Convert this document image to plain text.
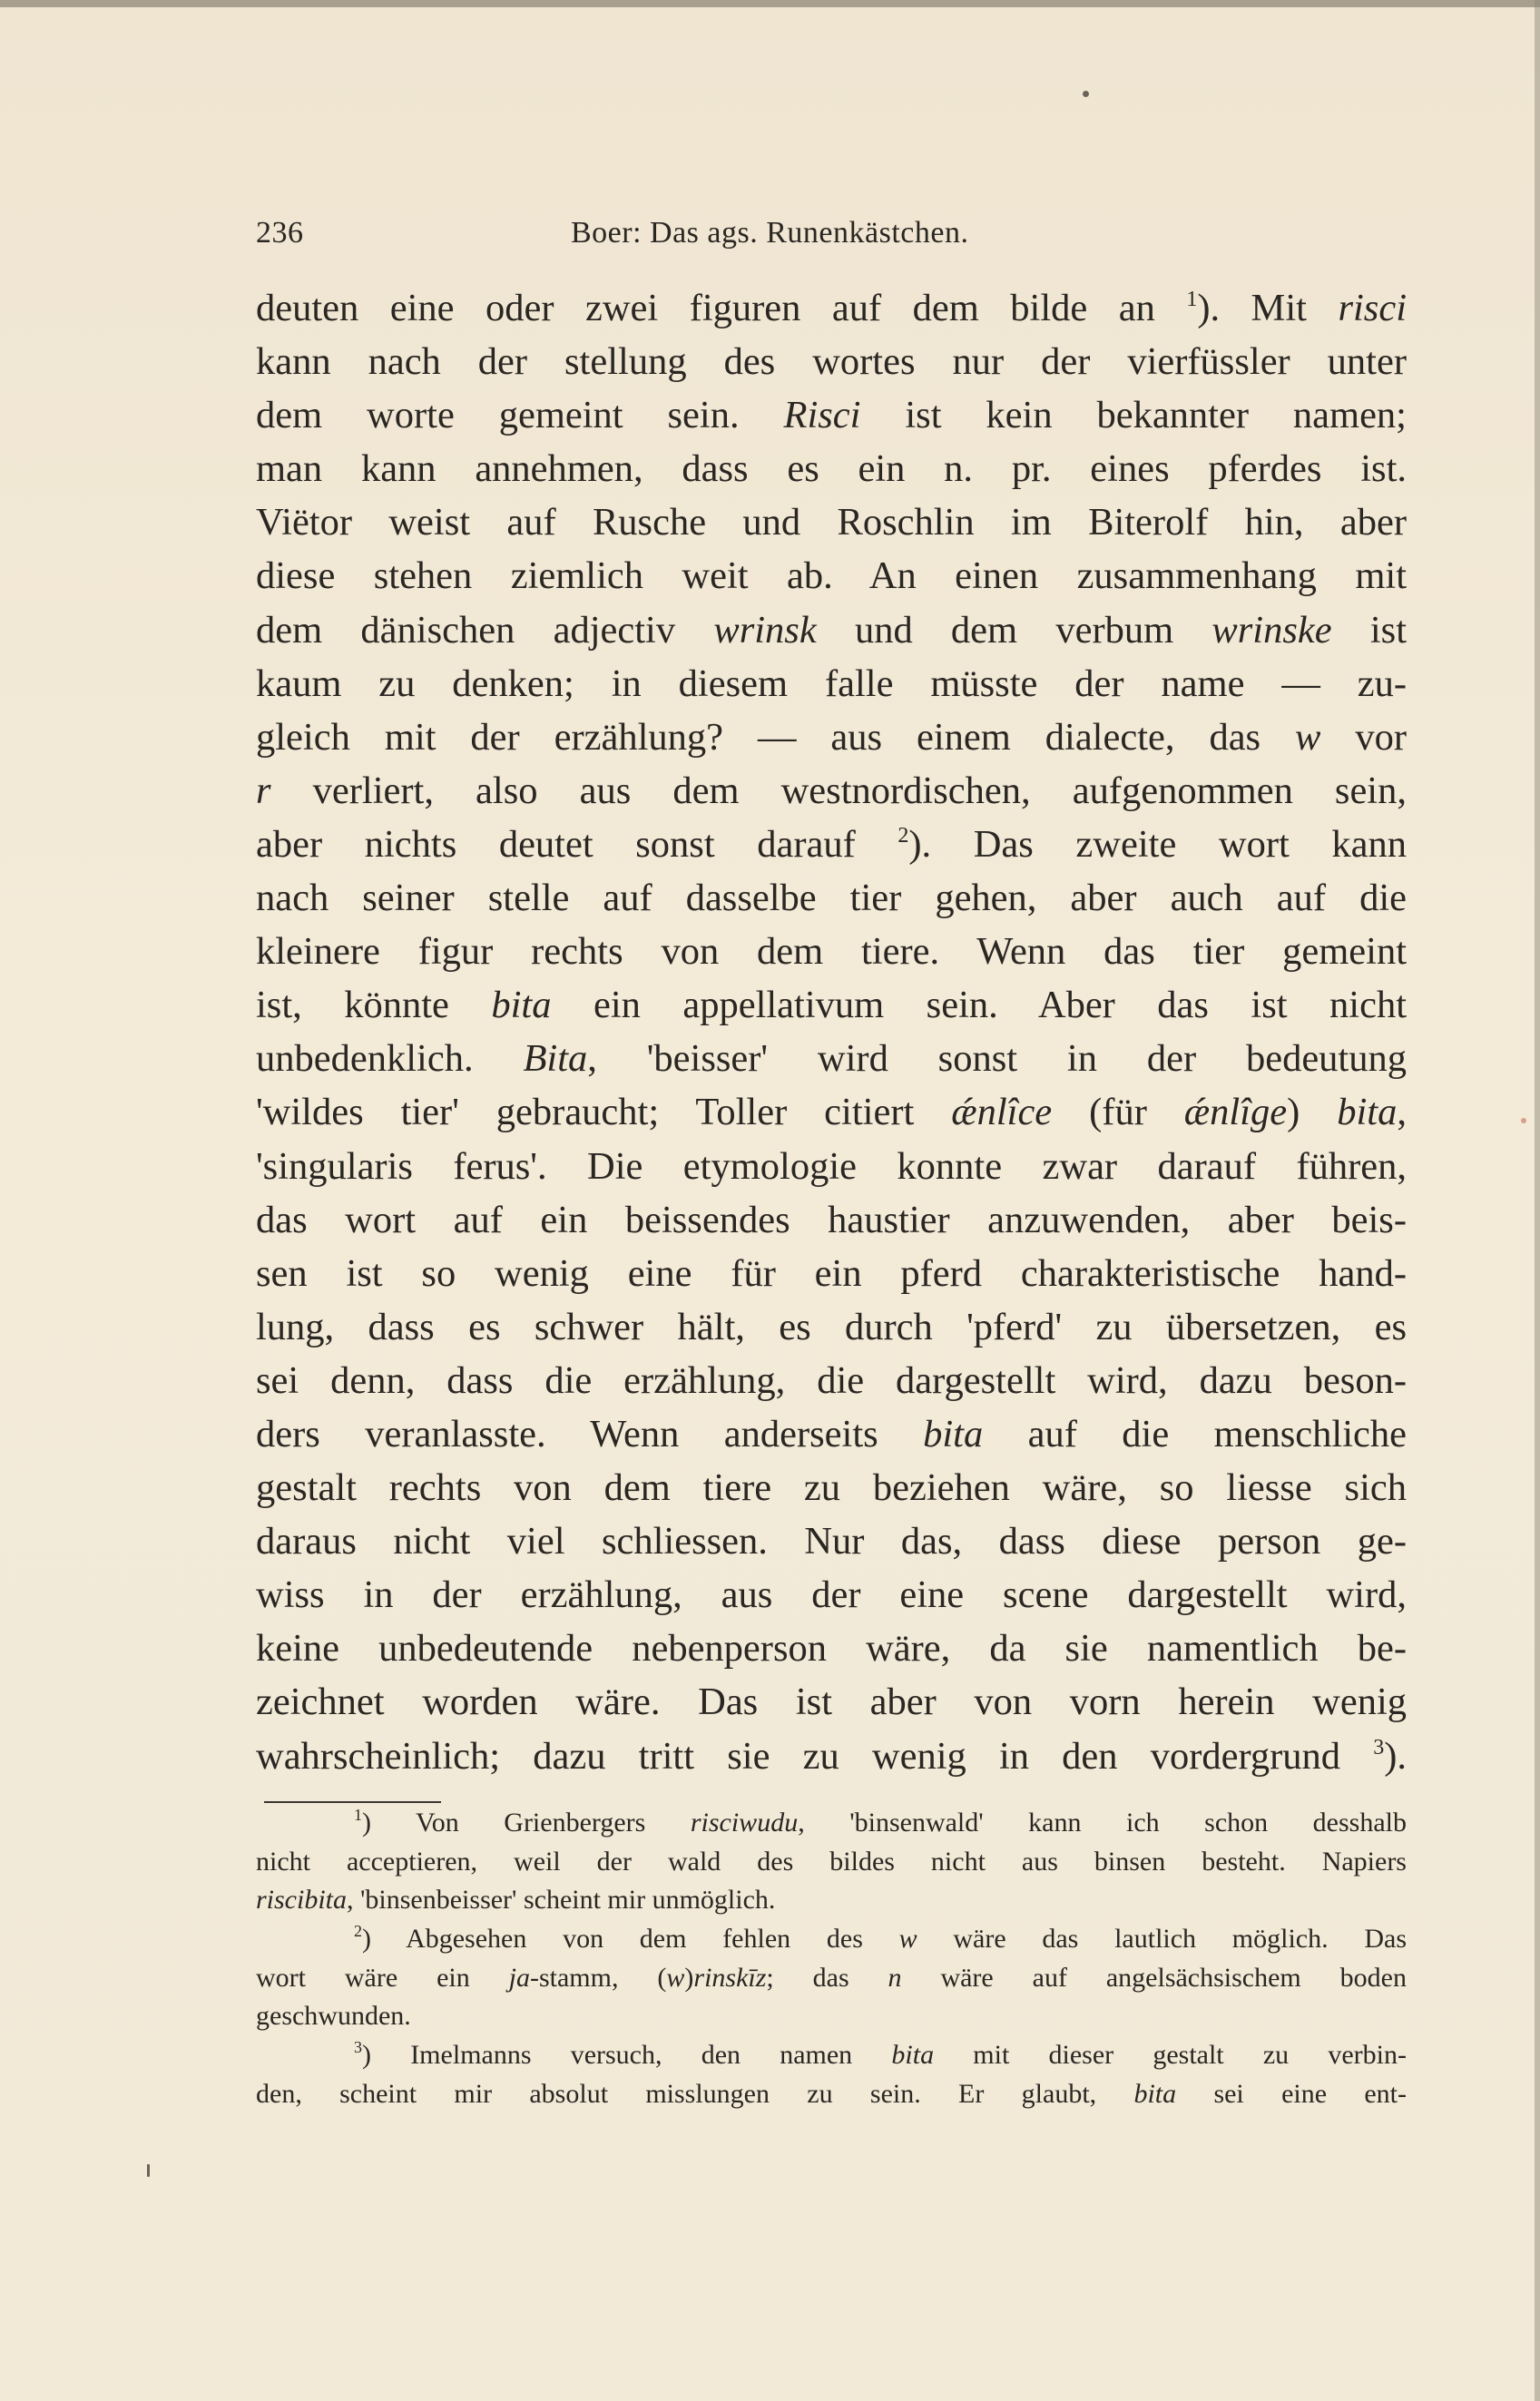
236	Boer: Das ags. Runenkästchen.
deuten eine oder zwei figuren auf dem bilde an $^1$). Mit risci
kann nach der stellung des wortes nur der vierfüssler unter
dem worte gemeint sein. Risci ist kein bekannter namen;
man kann annehmen, dass es ein n. pr. eines pferdes ist.
Viëtor weist auf Rusche und Roschlin im Biterolf hin, aber
diese stehen ziemlich weit ab. An einen zusammenhang mit
dem dänischen adjectiv wrinsk und dem verbum wrinske ist
kaum zu denken; in diesem falle müsste der name — zu-
gleich mit der erzählung? — aus einem dialecte, das w vor
r verliert, also aus dem westnordischen, aufgenommen sein,
aber nichts deutet sonst darauf $^2$). Das zweite wort kann
nach seiner stelle auf dasselbe tier gehen, aber auch auf die
kleinere figur rechts von dem tiere. Wenn das tier gemeint
ist, könnte bita ein appellativum sein. Aber das ist nicht
unbedenklich. Bita, 'beisser' wird sonst in der bedeutung
'wildes tier' gebraucht; Toller citiert ǽnlîce (für ǽnlîge) bita,
'singularis ferus'. Die etymologie konnte zwar darauf führen,
das wort auf ein beissendes haustier anzuwenden, aber beis-
sen ist so wenig eine für ein pferd charakteristische hand-
lung, dass es schwer hält, es durch 'pferd' zu übersetzen, es
sei denn, dass die erzählung, die dargestellt wird, dazu beson-
ders veranlasste. Wenn anderseits bita auf die menschliche
gestalt rechts von dem tiere zu beziehen wäre, so liesse sich
daraus nicht viel schliessen. Nur das, dass diese person ge-
wiss in der erzählung, aus der eine scene dargestellt wird,
keine unbedeutende nebenperson wäre, da sie namentlich be-
zeichnet worden wäre. Das ist aber von vorn herein wenig
wahrscheinlich; dazu tritt sie zu wenig in den vordergrund $^3$).
$^1$) Von Grienbergers risciwudu, 'binsenwald' kann ich schon desshalb
nicht acceptieren, weil der wald des bildes nicht aus binsen besteht. Napiers
riscibita, 'binsenbeisser' scheint mir unmöglich.
$^2$) Abgesehen von dem fehlen des w wäre das lautlich möglich. Das
wort wäre ein ja-stamm, (w)rinskīz; das n wäre auf angelsächsischem boden
geschwunden.
$^3$) Imelmanns versuch, den namen bita mit dieser gestalt zu verbin-
den, scheint mir absolut misslungen zu sein. Er glaubt, bita sei eine ent-
